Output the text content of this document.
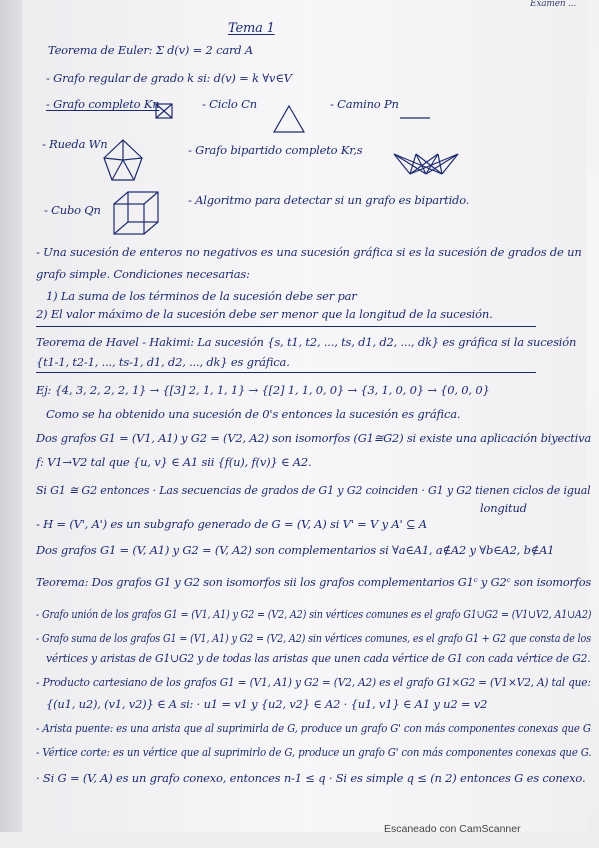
Examen ...
Tema 1
Teorema de Euler: Σ d(v) = 2 card A
- Grafo regular de grado k si: d(v) = k ∀v∈V
- Grafo completo Kn	- Ciclo Cn	- Camino Pn
- Rueda Wn	- Grafo bipartido completo Kr,s
- Cubo Qn
- Algoritmo para detectar si un grafo es bipartido.
- Una sucesión de enteros no negativos es una sucesión gráfica si es la sucesión de grados de un
grafo simple. Condiciones necesarias:
1) La suma de los términos de la sucesión debe ser par
2) El valor máximo de la sucesión debe ser menor que la longitud de la sucesión.
Teorema de Havel - Hakimi: La sucesión {s, t1, t2, ..., ts, d1, d2, ..., dk} es gráfica si la sucesión
{t1-1, t2-1, ..., ts-1, d1, d2, ..., dk} es gráfica.
Ej: {4, 3, 2, 2, 2, 1} → {[3] 2, 1, 1, 1} → {[2] 1, 1, 0, 0} → {3, 1, 0, 0} → {0, 0, 0}
Como se ha obtenido una sucesión de 0's entonces la sucesión es gráfica.
Dos grafos G1 = (V1, A1) y G2 = (V2, A2) son isomorfos (G1≅G2) si existe una aplicación biyectiva
f: V1→V2 tal que {u, v} ∈ A1 sii {f(u), f(v)} ∈ A2.
Si G1 ≅ G2 entonces · Las secuencias de grados de G1 y G2 coinciden · G1 y G2 tienen ciclos de igual
longitud
- H = (V', A') es un subgrafo generado de G = (V, A) si V' = V y A' ⊆ A
Dos grafos G1 = (V, A1) y G2 = (V, A2) son complementarios si ∀a∈A1, a∉A2 y ∀b∈A2, b∉A1
Teorema: Dos grafos G1 y G2 son isomorfos sii los grafos complementarios G1ᶜ y G2ᶜ son isomorfos
- Grafo unión de los grafos G1 = (V1, A1) y G2 = (V2, A2) sin vértices comunes es el grafo G1∪G2 = (V1∪V2, A1∪A2)
- Grafo suma de los grafos G1 = (V1, A1) y G2 = (V2, A2) sin vértices comunes, es el grafo G1 + G2 que consta de los
vértices y aristas de G1∪G2 y de todas las aristas que unen cada vértice de G1 con cada vértice de G2.
- Producto cartesiano de los grafos G1 = (V1, A1) y G2 = (V2, A2) es el grafo G1×G2 = (V1×V2, A) tal que:
{(u1, u2), (v1, v2)} ∈ A si: · u1 = v1 y {u2, v2} ∈ A2 · {u1, v1} ∈ A1 y u2 = v2
- Arista puente: es una arista que al suprimirla de G, produce un grafo G' con más componentes conexas que G
- Vértice corte: es un vértice que al suprimirlo de G, produce un grafo G' con más componentes conexas que G.
· Si G = (V, A) es un grafo conexo, entonces n-1 ≤ q · Si es simple q ≤ (n 2) entonces G es conexo.
Escaneado con CamScanner
